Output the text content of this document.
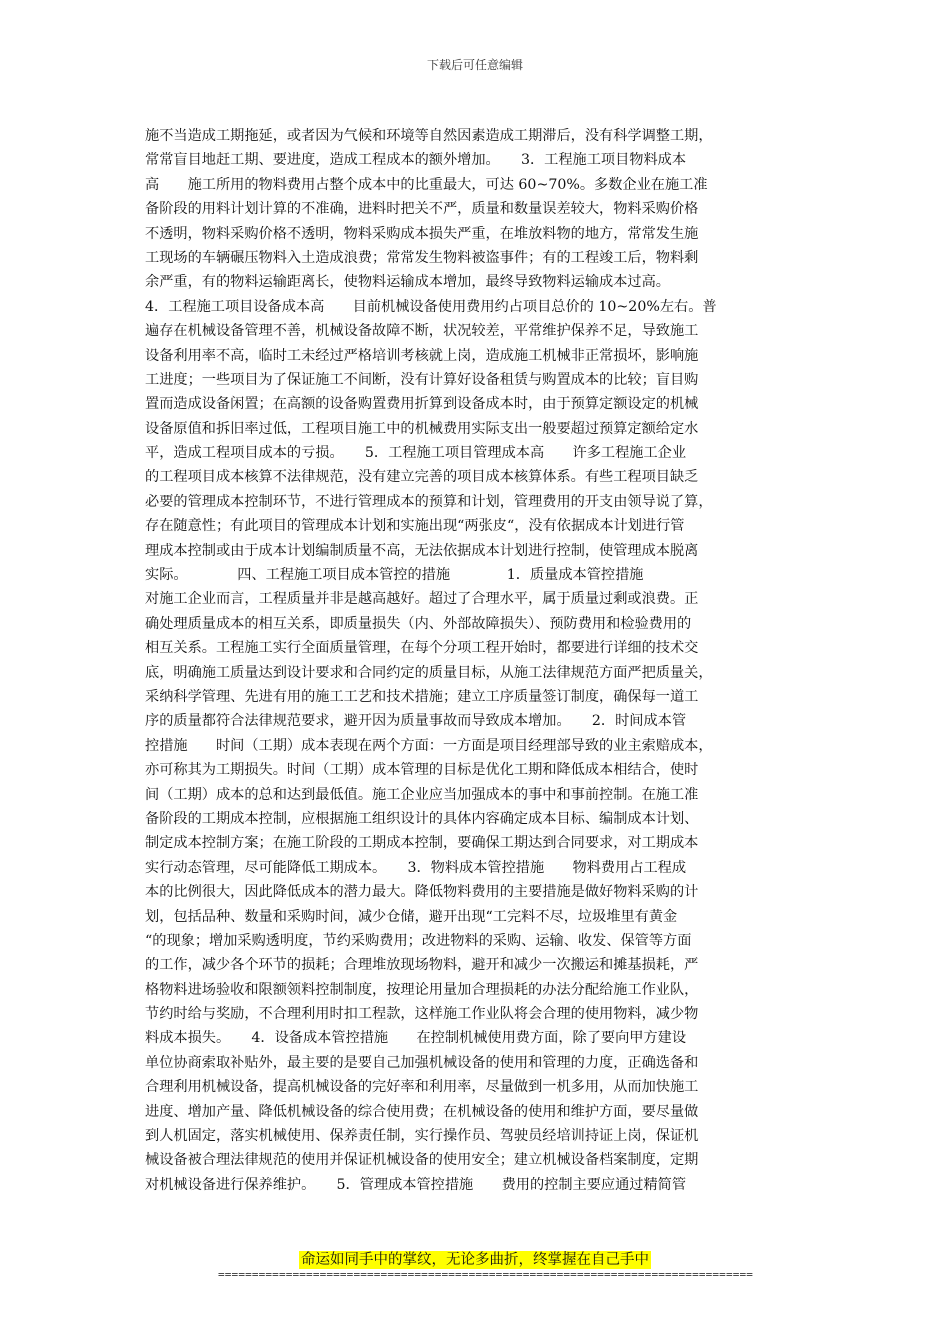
下载后可任意编辑
施不当造成工期拖延，或者因为气候和环境等自然因素造成工期滞后，没有科学调整工期，
常常盲目地赶工期、要进度，造成工程成本的额外增加。　　3．工程施工项目物料成本
高　　施工所用的物料费用占整个成本中的比重最大，可达 60~70%。多数企业在施工准
备阶段的用料计划计算的不准确，进料时把关不严，质量和数量误差较大，物料采购价格
不透明，物料采购价格不透明，物料采购成本损失严重，在堆放料物的地方，常常发生施
工现场的车辆碾压物料入土造成浪费；常常发生物料被盗事件；有的工程竣工后，物料剩
余严重，有的物料运输距离长，使物料运输成本增加，最终导致物料运输成本过高。
4．工程施工项目设备成本高　　目前机械设备使用费用约占项目总价的 10~20%左右。普
遍存在机械设备管理不善，机械设备故障不断，状况较差，平常维护保养不足，导致施工
设备利用率不高，临时工未经过严格培训考核就上岗，造成施工机械非正常损坏，影响施
工进度；一些项目为了保证施工不间断，没有计算好设备租赁与购置成本的比较；盲目购
置而造成设备闲置；在高额的设备购置费用折算到设备成本时，由于预算定额设定的机械
设备原值和拆旧率过低，工程项目施工中的机械费用实际支出一般要超过预算定额给定水
平，造成工程项目成本的亏损。　　5．工程施工项目管理成本高　　许多工程施工企业
的工程项目成本核算不法律规范，没有建立完善的项目成本核算体系。有些工程项目缺乏
必要的管理成本控制环节，不进行管理成本的预算和计划，管理费用的开支由领导说了算，
存在随意性；有此项目的管理成本计划和实施出现“两张皮“，没有依据成本计划进行管
理成本控制或由于成本计划编制质量不高，无法依据成本计划进行控制，使管理成本脱离
实际。　　　　四、工程施工项目成本管控的措施　　　　1．质量成本管控措施
对施工企业而言，工程质量并非是越高越好。超过了合理水平，属于质量过剩或浪费。正
确处理质量成本的相互关系，即质量损失（内、外部故障损失）、预防费用和检验费用的
相互关系。工程施工实行全面质量管理，在每个分项工程开始时，都要进行详细的技术交
底，明确施工质量达到设计要求和合同约定的质量目标，从施工法律规范方面严把质量关，
采纳科学管理、先进有用的施工工艺和技术措施；建立工序质量签订制度，确保每一道工
序的质量都符合法律规范要求，避开因为质量事故而导致成本增加。　　2．时间成本管
控措施　　时间（工期）成本表现在两个方面：一方面是项目经理部导致的业主索赔成本，
亦可称其为工期损失。时间（工期）成本管理的目标是优化工期和降低成本相结合，使时
间（工期）成本的总和达到最低值。施工企业应当加强成本的事中和事前控制。在施工准
备阶段的工期成本控制，应根据施工组织设计的具体内容确定成本目标、编制成本计划、
制定成本控制方案；在施工阶段的工期成本控制，要确保工期达到合同要求，对工期成本
实行动态管理，尽可能降低工期成本。　　3．物料成本管控措施　　物料费用占工程成
本的比例很大，因此降低成本的潜力最大。降低物料费用的主要措施是做好物料采购的计
划，包括品种、数量和采购时间，减少仓储，避开出现“工完料不尽，垃圾堆里有黄金
“的现象；增加采购透明度，节约采购费用；改进物料的采购、运输、收发、保管等方面
的工作，减少各个环节的损耗；合理堆放现场物料，避开和减少一次搬运和摊基损耗，严
格物料进场验收和限额领料控制制度，按理论用量加合理损耗的办法分配给施工作业队，
节约时给与奖励，不合理利用时扣工程款，这样施工作业队将会合理的使用物料，减少物
料成本损失。　　4．设备成本管控措施　　在控制机械使用费方面，除了要向甲方建设
单位协商索取补贴外，最主要的是要自己加强机械设备的使用和管理的力度，正确选备和
合理利用机械设备，提高机械设备的完好率和利用率，尽量做到一机多用，从而加快施工
进度、增加产量、降低机械设备的综合使用费；在机械设备的使用和维护方面，要尽量做
到人机固定，落实机械使用、保养责任制，实行操作员、驾驶员经培训持证上岗，保证机
械设备被合理法律规范的使用并保证机械设备的使用安全；建立机械设备档案制度，定期
对机械设备进行保养维护。　　5．管理成本管控措施　　费用的控制主要应通过精简管
命运如同手中的掌纹，无论多曲折，终掌握在自己手中
===============================================================================
